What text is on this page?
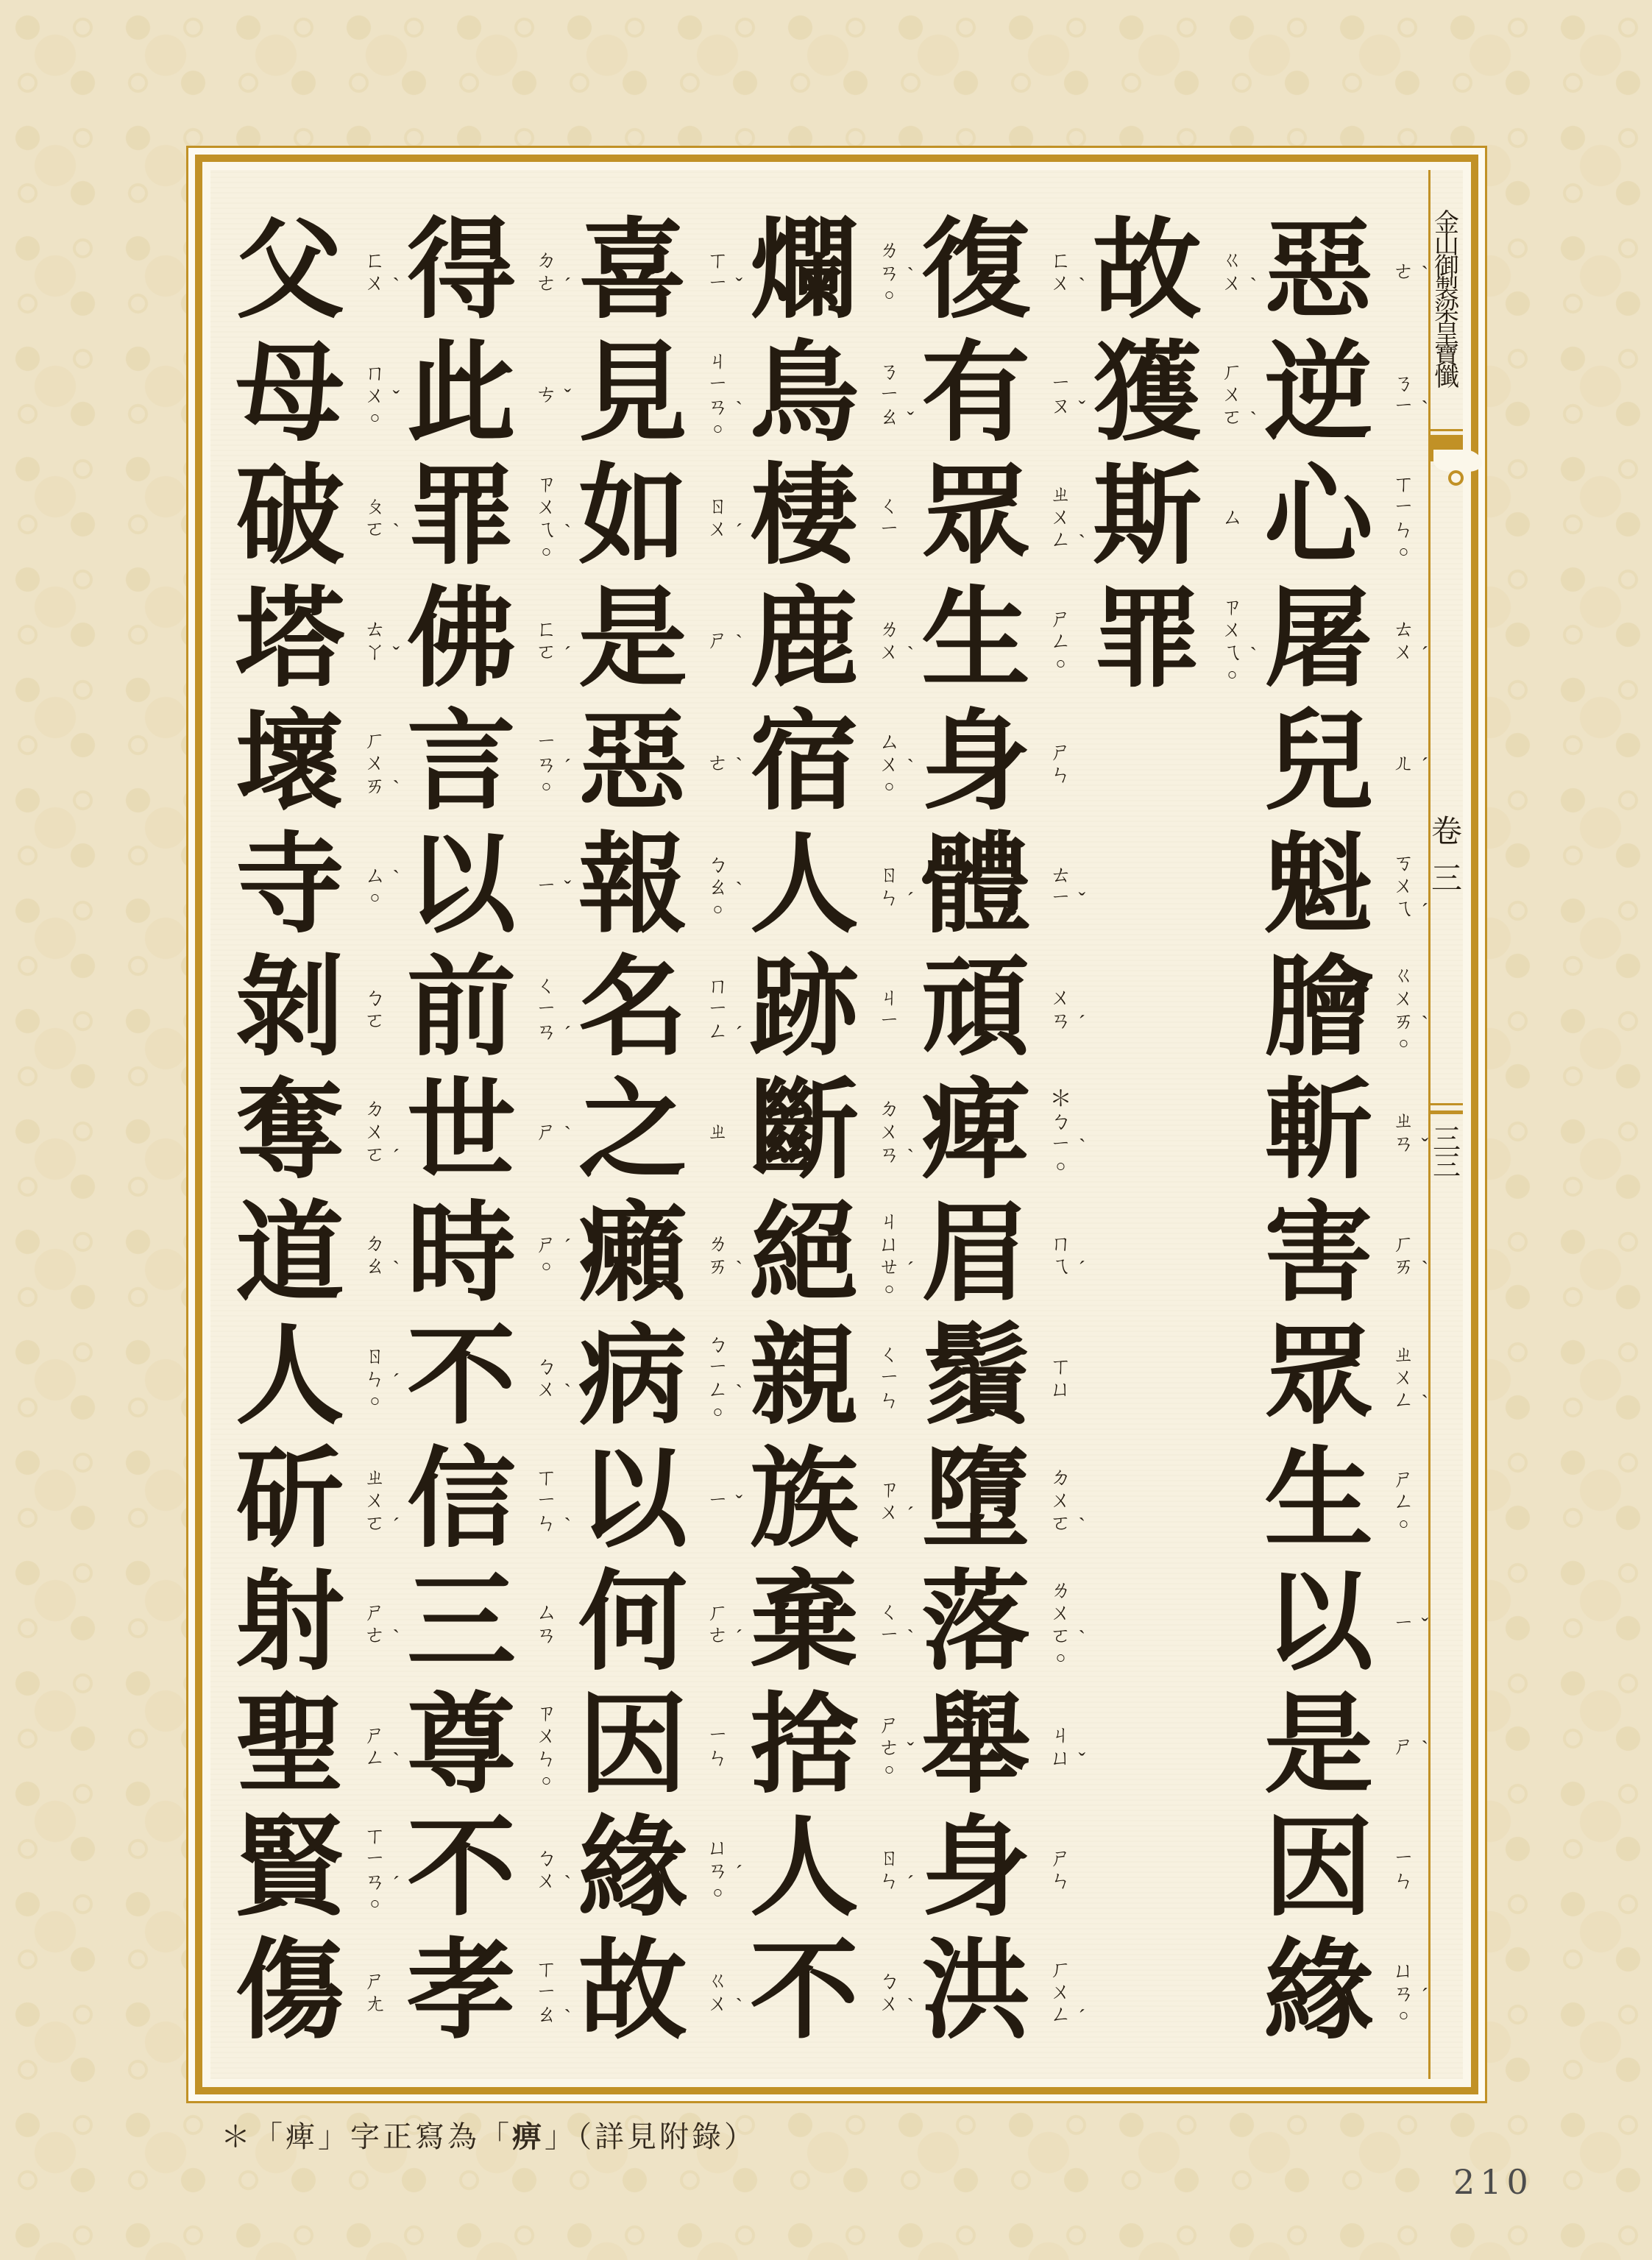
惡 ㄜ ˋ
逆 ㄋ
ㄧ ˋ
心 ㄒ
ㄧ
ㄣ
○
屠 ㄊ
ㄨ ˊ
兒 ㄦ ˊ
魁 ㄎ
ㄨ
ㄟ ˊ
膾 ㄍ
ㄨ
ㄞ ˋ
○
斬 ㄓ
ㄢ ˇ
害 ㄏ
ㄞ ˋ
眾 ㄓ
ㄨ
ㄥ ˋ
生 ㄕ
ㄥ
○
以 ㄧ ˇ
是 ㄕ ˋ
因 ㄧ
ㄣ
緣 ㄩ
ㄢ ˊ
○
故 ㄍ
ㄨ ˋ
獲 ㄏ
ㄨ
ㄛ ˋ
斯 ㄙ
罪 ㄗ
ㄨ
ㄟ ˋ
○
復 ㄈ
ㄨ ˋ
有 ㄧ
ㄡ ˇ
眾 ㄓ
ㄨ
ㄥ ˋ
生 ㄕ
ㄥ
○
身 ㄕ
ㄣ
體 ㄊ
ㄧ ˇ
頑 ㄨ
ㄢ ˊ
痺 ＊
ㄅ
ㄧ ˋ
○
眉 ㄇ
ㄟ ˊ
鬚 ㄒ
ㄩ
墮 ㄉ
ㄨ
ㄛ ˋ
落 ㄌ
ㄨ
ㄛ ˋ
○
舉 ㄐ
ㄩ ˇ
身 ㄕ
ㄣ
洪 ㄏ
ㄨ
ㄥ ˊ
爛 ㄌ
ㄢ ˋ
○
鳥 ㄋ
ㄧ
ㄠ ˇ
棲 ㄑ
ㄧ
鹿 ㄌ
ㄨ ˋ
宿 ㄙ
ㄨ ˋ
○
人 ㄖ
ㄣ ˊ
跡 ㄐ
ㄧ
斷 ㄉ
ㄨ
ㄢ ˋ
絕 ㄐ
ㄩ
ㄝ ˊ
○
親 ㄑ
ㄧ
ㄣ
族 ㄗ
ㄨ ˊ
棄 ㄑ
ㄧ ˋ
捨 ㄕ
ㄜ ˇ
○
人 ㄖ
ㄣ ˊ
不 ㄅ
ㄨ ˋ
喜 ㄒ
ㄧ ˇ
見 ㄐ
ㄧ
ㄢ ˋ
○
如 ㄖ
ㄨ ˊ
是 ㄕ ˋ
惡 ㄜ ˋ
報 ㄅ
ㄠ ˋ
○
名 ㄇ
ㄧ
ㄥ ˊ
之 ㄓ
癩 ㄌ
ㄞ ˋ
病 ㄅ
ㄧ
ㄥ ˋ
○
以 ㄧ ˇ
何 ㄏ
ㄜ ˊ
因 ㄧ
ㄣ
緣 ㄩ
ㄢ ˊ
○
故 ㄍ
ㄨ ˋ
得 ㄉ
ㄜ ˊ
此 ㄘ ˇ
罪 ㄗ
ㄨ
ㄟ ˋ
○
佛 ㄈ
ㄛ ˊ
言 ㄧ
ㄢ ˊ
○
以 ㄧ ˇ
前 ㄑ
ㄧ
ㄢ ˊ
世 ㄕ ˋ
時 ㄕ ˊ
○
不 ㄅ
ㄨ ˋ
信 ㄒ
ㄧ
ㄣ ˋ
三 ㄙ
ㄢ
尊 ㄗ
ㄨ
ㄣ
○
不 ㄅ
ㄨ ˋ
孝 ㄒ
ㄧ
ㄠ ˋ
父 ㄈ
ㄨ ˋ
母 ㄇ
ㄨ ˇ
○
破 ㄆ
ㄛ ˋ
塔 ㄊ
ㄚ ˇ
壞 ㄏ
ㄨ
ㄞ ˋ
寺 ㄙ ˋ
○
剝 ㄅ
ㄛ
奪 ㄉ
ㄨ
ㄛ ˊ
道 ㄉ
ㄠ ˋ
人 ㄖ
ㄣ ˊ
○
斫 ㄓ
ㄨ
ㄛ ˊ
射 ㄕ
ㄜ ˋ
聖 ㄕ
ㄥ ˋ
賢 ㄒ
ㄧ
ㄢ ˊ
○
傷 ㄕ
ㄤ
金
山
御
製
梁
皇
寶
懺
卷
三
三
三
＊「痺」字正寫為「痹」（詳見附錄）
210
